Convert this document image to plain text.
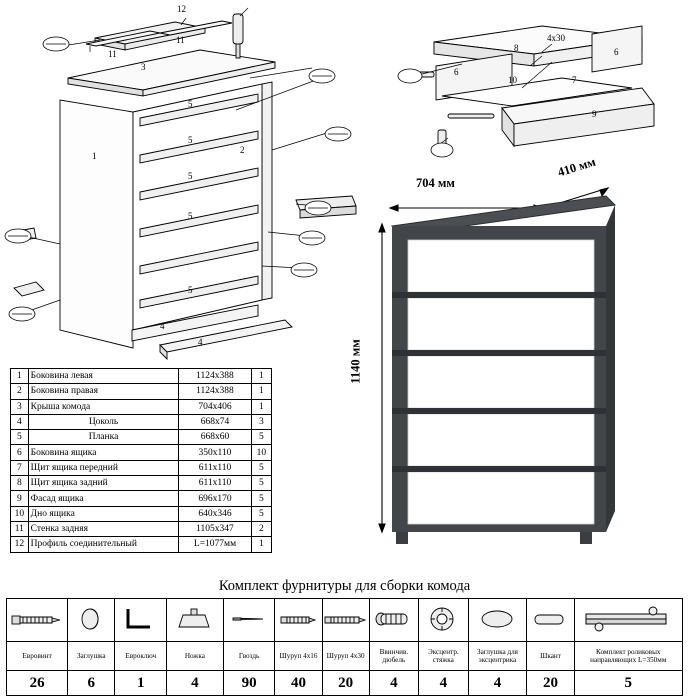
12
11
11
3
5
5
2
5
1
5
5
4
4
8
4х30
6
6
10	7
9
1	Боковина левая	1124х388	1
2	Боковина правая	1124х388	1
3	Крыша комода	704х406	1
4	Цоколь	668х74	3
5	Планка	668х60	5
6	Боковина ящика	350х110	10
7	Щит ящика передний	611х110	5
8	Щит ящика задний	611х110	5
9	Фасад ящика	696х170	5
10	Дно ящика	640х346	5
11	Стенка задняя	1105х347	2
12	Профиль соединительный	L=1077мм	1
704 мм
410 мм
1140 мм
Комплект фурнитуры для сборки комода

Евровинт	Заглушка	Евроключ	Ножка	Гвоздь	Шуруп 4х16	Шуруп 4х30	Ввинчив. дюбель	Эксцентр. стяжка	Заглушка для эксцентрика	Шкант	Комплект роликовых направляющих L=350мм
26	6	1	4	90	40	20	4	4	4	20	5
